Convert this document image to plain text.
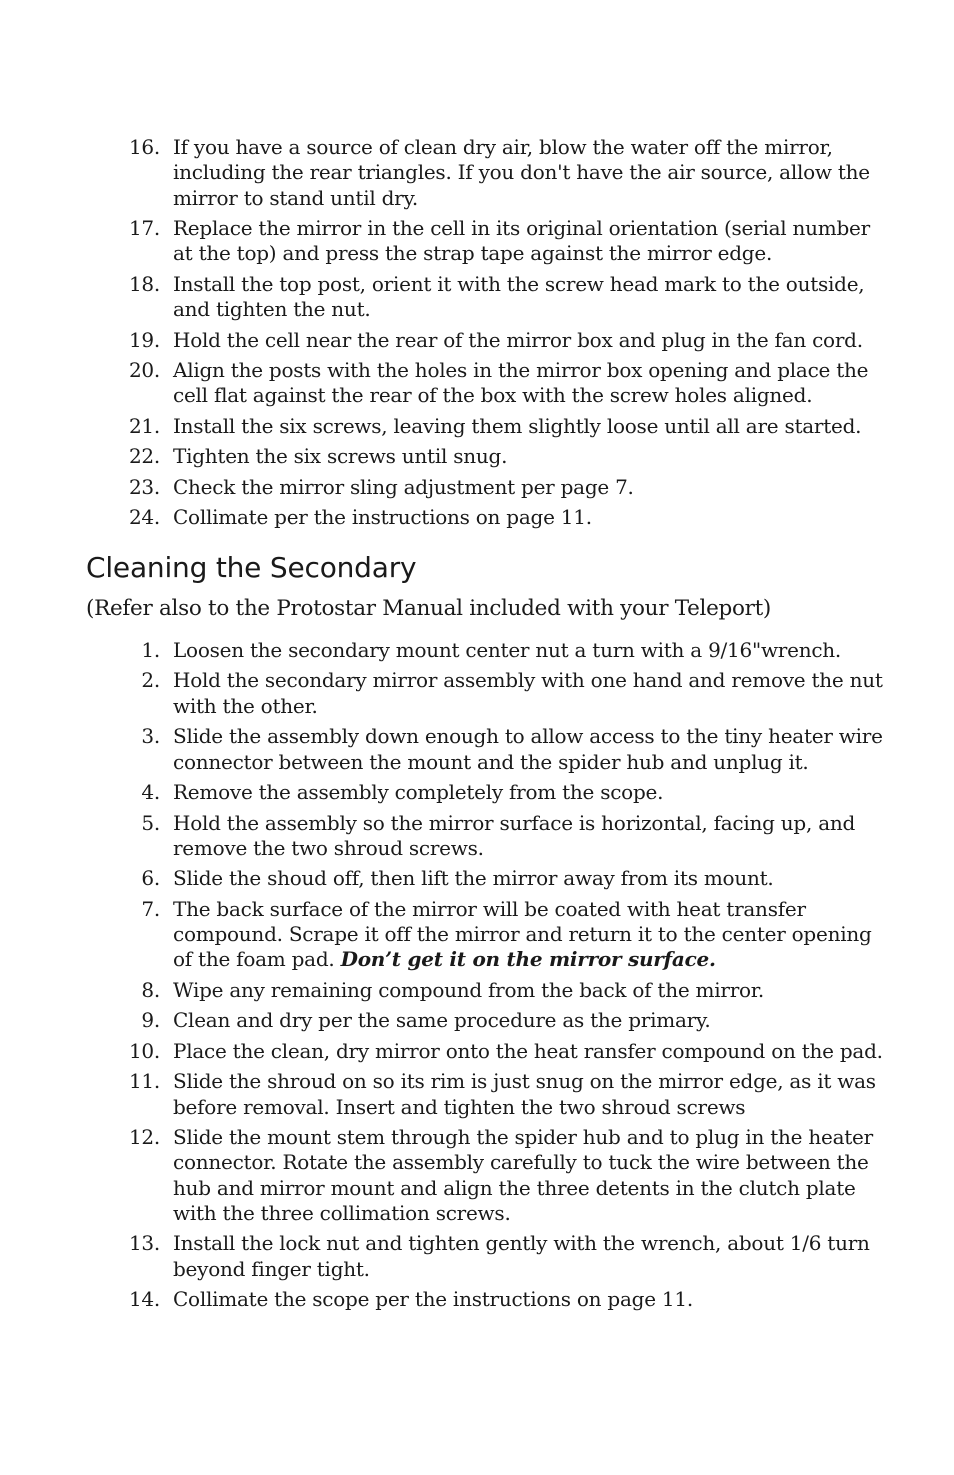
16. If you have a source of clean dry air, blow the water off the mirror, including the rear triangles. If you don't have the air source, allow the mirror to stand until dry.
17. Replace the mirror in the cell in its original orientation (serial number at the top) and press the strap tape against the mirror edge.
18. Install the top post, orient it with the screw head mark to the outside, and tighten the nut.
19. Hold the cell near the rear of the mirror box and plug in the fan cord.
20. Align the posts with the holes in the mirror box opening and place the cell flat against the rear of the box with the screw holes aligned.
21. Install the six screws, leaving them slightly loose until all are started.
22. Tighten the six screws until snug.
23. Check the mirror sling adjustment per page 7.
24. Collimate per the instructions on page 11.
Cleaning the Secondary

(Refer also to the Protostar Manual included with your Teleport)

1. Loosen the secondary mount center nut a turn with a 9/16"wrench.
2. Hold the secondary mirror assembly with one hand and remove the nut with the other.
3. Slide the assembly down enough to allow access to the tiny heater wire connector between the mount and the spider hub and unplug it.
4. Remove the assembly completely from the scope.
5. Hold the assembly so the mirror surface is horizontal, facing up, and remove the two shroud screws.
6. Slide the shoud off, then lift the mirror away from its mount.
7. The back surface of the mirror will be coated with heat transfer compound. Scrape it off the mirror and return it to the center opening of the foam pad. Don’t get it on the mirror surface.
8. Wipe any remaining compound from the back of the mirror.
9. Clean and dry per the same procedure as the primary.
10. Place the clean, dry mirror onto the heat ransfer compound on the pad.
11. Slide the shroud on so its rim is just snug on the mirror edge, as it was before removal. Insert and tighten the two shroud screws
12. Slide the mount stem through the spider hub and to plug in the heater connector. Rotate the assembly carefully to tuck the wire between the hub and mirror mount and align the three detents in the clutch plate with the three collimation screws.
13. Install the lock nut and tighten gently with the wrench, about 1/6 turn beyond finger tight.
14. Collimate the scope per the instructions on page 11.
